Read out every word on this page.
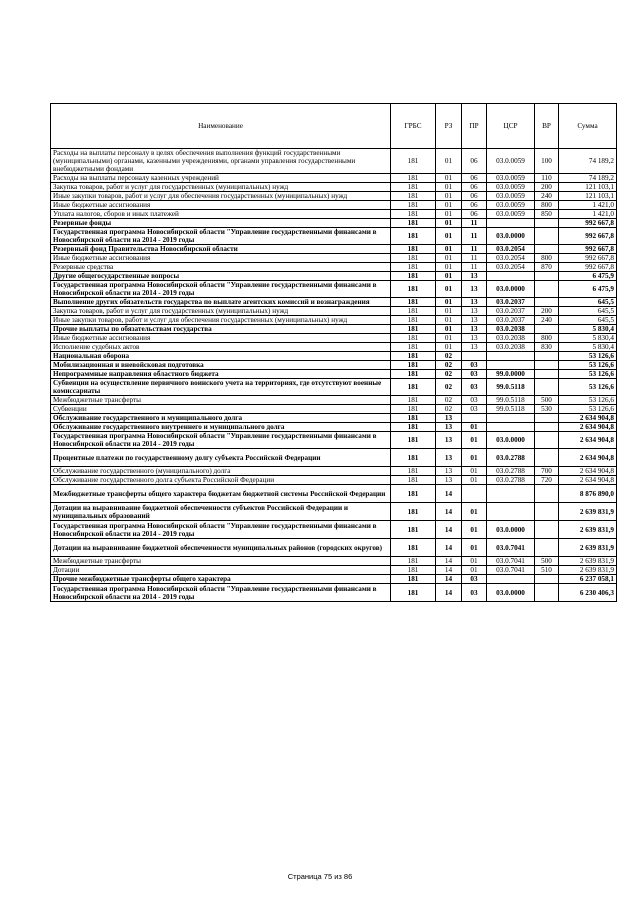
Наименование	ГРБС	РЗ	ПР	ЦСР	ВР	Сумма
Расходы на выплаты персоналу в целях обеспечения выполнения функций государственными (муниципальными) органами, казенными учреждениями, органами управления государственными внебюджетными фондами	181	01	06	03.0.0059	100	74 189,2
Расходы на выплаты персоналу казенных учреждений	181	01	06	03.0.0059	110	74 189,2
Закупка товаров, работ и услуг для государственных (муниципальных) нужд	181	01	06	03.0.0059	200	121 103,1
Иные закупки товаров, работ и услуг для обеспечения государственных (муниципальных) нужд	181	01	06	03.0.0059	240	121 103,1
Иные бюджетные ассигнования	181	01	06	03.0.0059	800	1 421,0
Уплата налогов, сборов и иных платежей	181	01	06	03.0.0059	850	1 421,0
Резервные фонды	181	01	11			992 667,8
Государственная программа Новосибирской области "Управление государственными финансами в Новосибирской области на 2014 - 2019 годы	181	01	11	03.0.0000		992 667,8
Резервный фонд Правительства Новосибирской области	181	01	11	03.0.2054		992 667,8
Иные бюджетные ассигнования	181	01	11	03.0.2054	800	992 667,8
Резервные средства	181	01	11	03.0.2054	870	992 667,8
Другие общегосударственные вопросы	181	01	13			6 475,9
Государственная программа Новосибирской области "Управление государственными финансами в Новосибирской области на 2014 - 2019 годы	181	01	13	03.0.0000		6 475,9
Выполнение других обязательств государства по выплате агентских комиссий и вознаграждения	181	01	13	03.0.2037		645,5
Закупка товаров, работ и услуг для государственных (муниципальных) нужд	181	01	13	03.0.2037	200	645,5
Иные закупки товаров, работ и услуг для обеспечения государственных (муниципальных) нужд	181	01	13	03.0.2037	240	645,5
Прочие выплаты по обязательствам государства	181	01	13	03.0.2038		5 830,4
Иные бюджетные ассигнования	181	01	13	03.0.2038	800	5 830,4
Исполнение судебных актов	181	01	13	03.0.2038	830	5 830,4
Национальная оборона	181	02				53 126,6
Мобилизационная и вневойсковая подготовка	181	02	03			53 126,6
Непрограммные направления областного бюджета	181	02	03	99.0.0000		53 126,6
Субвенции на осуществление первичного воинского учета на территориях, где отсутствуют военные комиссариаты	181	02	03	99.0.5118		53 126,6
Межбюджетные трансферты	181	02	03	99.0.5118	500	53 126,6
Субвенции	181	02	03	99.0.5118	530	53 126,6
Обслуживание государственного и муниципального долга	181	13				2 634 904,8
Обслуживание государственного внутреннего и муниципального долга	181	13	01			2 634 904,8
Государственная программа Новосибирской области "Управление государственными финансами в Новосибирской области на 2014 - 2019 годы	181	13	01	03.0.0000		2 634 904,8
Процентные платежи по государственному долгу субъекта Российской Федерации	181	13	01	03.0.2788		2 634 904,8
Обслуживание государственного (муниципального) долга	181	13	01	03.0.2788	700	2 634 904,8
Обслуживание государственного долга субъекта Российской Федерации	181	13	01	03.0.2788	720	2 634 904,8
Межбюджетные трансферты общего характера бюджетам бюджетной системы Российской Федерации	181	14				8 876 890,0
Дотации на выравнивание бюджетной обеспеченности субъектов Российской Федерации и муниципальных образований	181	14	01			2 639 831,9
Государственная программа Новосибирской области "Управление государственными финансами в Новосибирской области на 2014 - 2019 годы	181	14	01	03.0.0000		2 639 831,9
Дотации на выравнивание бюджетной обеспеченности муниципальных районов (городских округов)	181	14	01	03.0.7041		2 639 831,9
Межбюджетные трансферты	181	14	01	03.0.7041	500	2 639 831,9
Дотации	181	14	01	03.0.7041	510	2 639 831,9
Прочие межбюджетные трансферты общего характера	181	14	03			6 237 058,1
Государственная программа Новосибирской области "Управление государственными финансами в Новосибирской области на 2014 - 2019 годы	181	14	03	03.0.0000		6 230 406,3
Страница 75 из 86
